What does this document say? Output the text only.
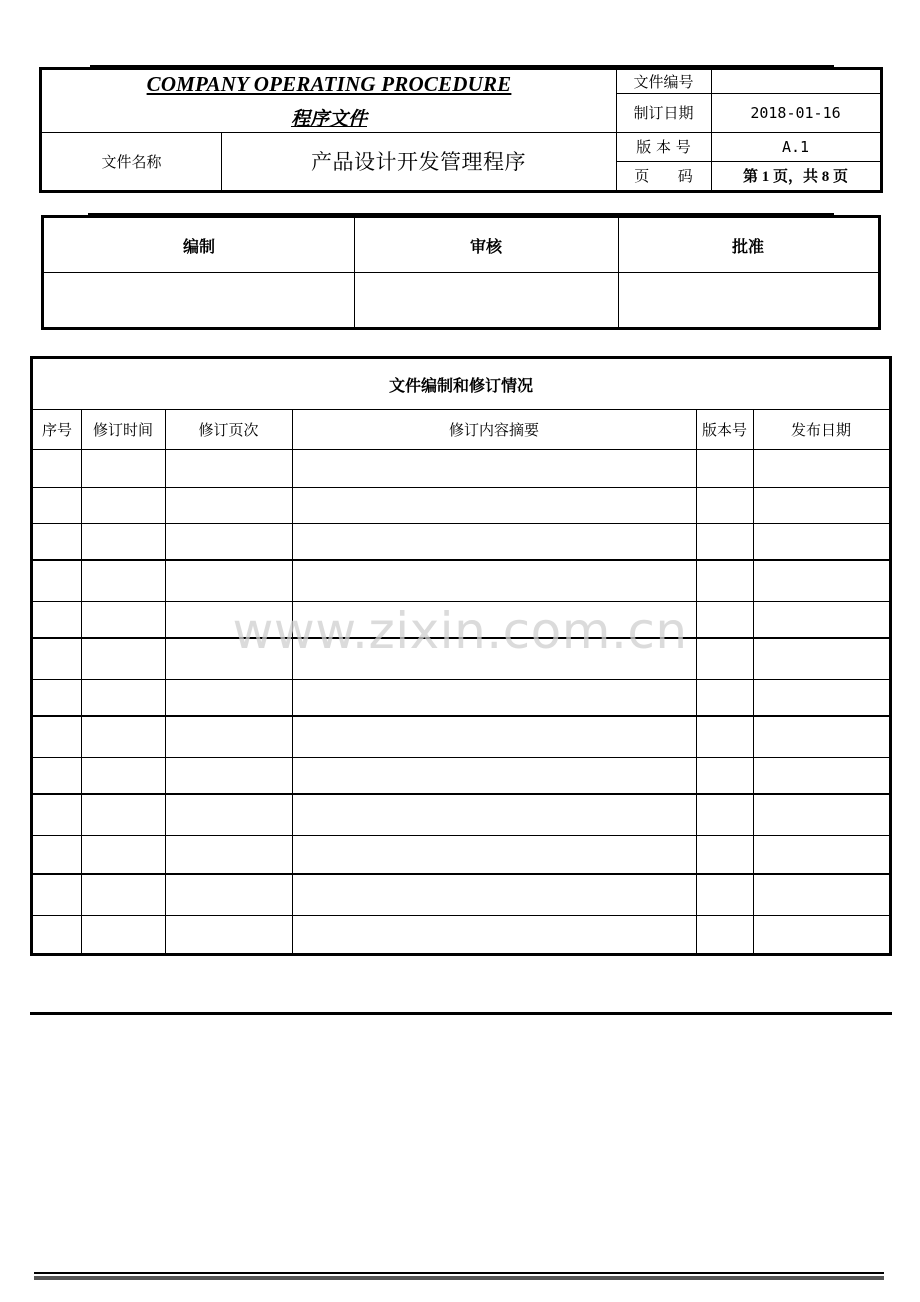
COMPANY OPERATING PROCEDURE
程序文件
文件名称	产品设计开发管理程序
文件编号
制订日期	2018-01-16
版 本 号	A.1
页      码	第 1 页，共 8 页
编制	审核	批准
文件编制和修订情况
序号	修订时间	修订页次	修订内容摘要	版本号	发布日期
www.zixin.com.cn
